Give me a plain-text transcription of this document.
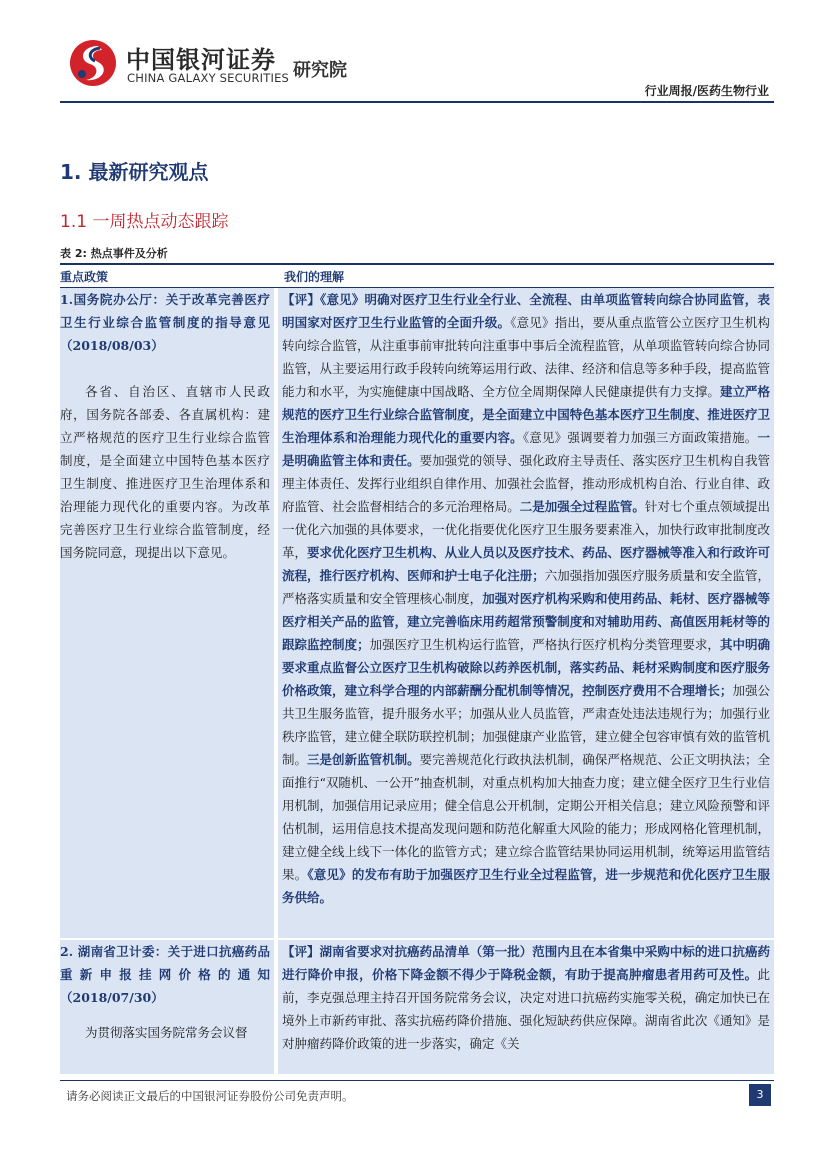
中国银河证券
CHINA GALAXY SECURITIES 研究院
行业周报/医药生物行业
1. 最新研究观点
1.1 一周热点动态跟踪
表 2: 热点事件及分析
重点政策	我们的理解
1.国务院办公厅：关于改革完善医疗卫生行业综合监管制度的指导意见（2018/08/03）
各省、自治区、直辖市人民政府，国务院各部委、各直属机构：建立严格规范的医疗卫生行业综合监管制度，是全面建立中国特色基本医疗卫生制度、推进医疗卫生治理体系和治理能力现代化的重要内容。为改革完善医疗卫生行业综合监管制度，经国务院同意，现提出以下意见。
【评】《意见》明确对医疗卫生行业全行业、全流程、由单项监管转向综合协同监管，表明国家对医疗卫生行业监管的全面升级。《意见》指出，要从重点监管公立医疗卫生机构转向综合监管，从注重事前审批转向注重事中事后全流程监管，从单项监管转向综合协同监管，从主要运用行政手段转向统筹运用行政、法律、经济和信息等多种手段，提高监管能力和水平，为实施健康中国战略、全方位全周期保障人民健康提供有力支撑。建立严格规范的医疗卫生行业综合监管制度，是全面建立中国特色基本医疗卫生制度、推进医疗卫生治理体系和治理能力现代化的重要内容。《意见》强调要着力加强三方面政策措施。一是明确监管主体和责任。要加强党的领导、强化政府主导责任、落实医疗卫生机构自我管理主体责任、发挥行业组织自律作用、加强社会监督，推动形成机构自治、行业自律、政府监管、社会监督相结合的多元治理格局。二是加强全过程监管。针对七个重点领域提出一优化六加强的具体要求，一优化指要优化医疗卫生服务要素准入，加快行政审批制度改革，要求优化医疗卫生机构、从业人员以及医疗技术、药品、医疗器械等准入和行政许可流程，推行医疗机构、医师和护士电子化注册；六加强指加强医疗服务质量和安全监管，严格落实质量和安全管理核心制度，加强对医疗机构采购和使用药品、耗材、医疗器械等医疗相关产品的监管，建立完善临床用药超常预警制度和对辅助用药、高值医用耗材等的跟踪监控制度；加强医疗卫生机构运行监管，严格执行医疗机构分类管理要求，其中明确要求重点监督公立医疗卫生机构破除以药养医机制，落实药品、耗材采购制度和医疗服务价格政策，建立科学合理的内部薪酬分配机制等情况，控制医疗费用不合理增长；加强公共卫生服务监管，提升服务水平；加强从业人员监管，严肃查处违法违规行为；加强行业秩序监管，建立健全联防联控机制；加强健康产业监管，建立健全包容审慎有效的监管机制。三是创新监管机制。要完善规范化行政执法机制，确保严格规范、公正文明执法；全面推行“双随机、一公开”抽查机制，对重点机构加大抽查力度；建立健全医疗卫生行业信用机制，加强信用记录应用；健全信息公开机制，定期公开相关信息；建立风险预警和评估机制，运用信息技术提高发现问题和防范化解重大风险的能力；形成网格化管理机制，建立健全线上线下一体化的监管方式；建立综合监管结果协同运用机制，统筹运用监管结果。《意见》的发布有助于加强医疗卫生行业全过程监管，进一步规范和优化医疗卫生服务供给。
2. 湖南省卫计委：关于进口抗癌药品重新申报挂网价格的通知（2018/07/30）
为贯彻落实国务院常务会议督
【评】湖南省要求对抗癌药品清单（第一批）范围内且在本省集中采购中标的进口抗癌药进行降价申报，价格下降金额不得少于降税金额，有助于提高肿瘤患者用药可及性。此前，李克强总理主持召开国务院常务会议，决定对进口抗癌药实施零关税，确定加快已在境外上市新药审批、落实抗癌药降价措施、强化短缺药供应保障。湖南省此次《通知》是对肿瘤药降价政策的进一步落实，确定《关
请务必阅读正文最后的中国银河证券股份公司免责声明。	3
